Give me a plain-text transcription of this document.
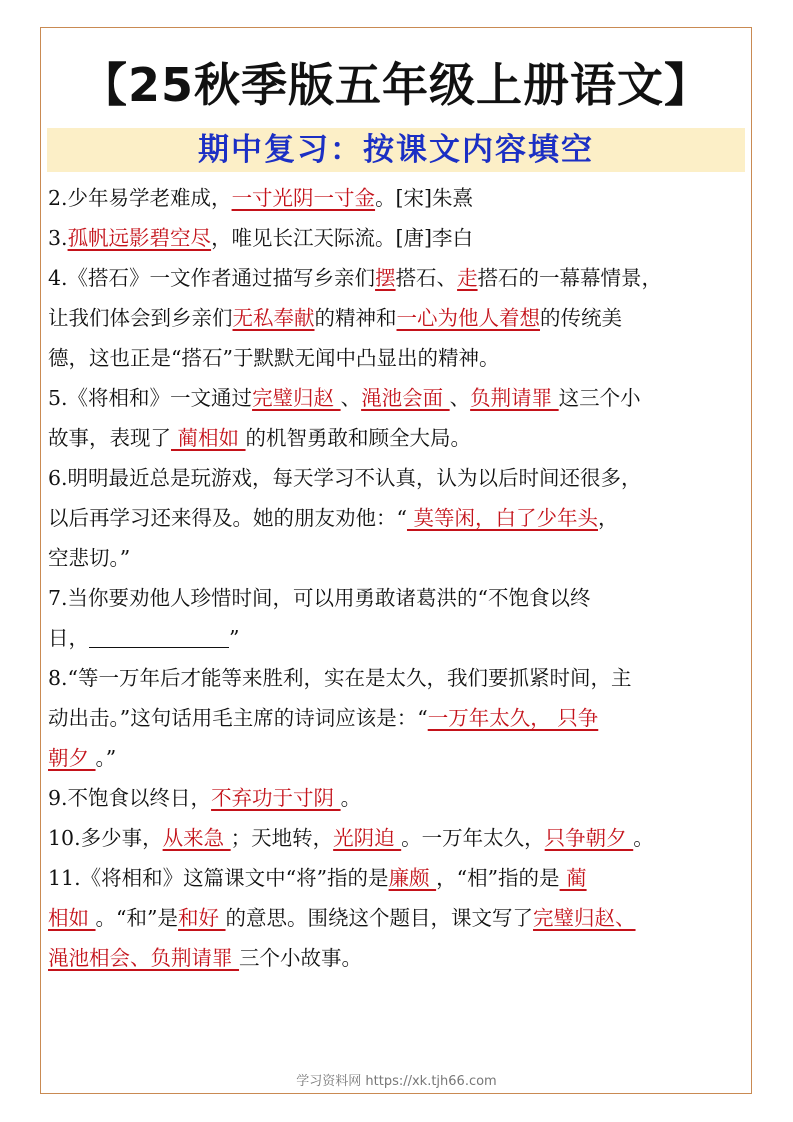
【25秋季版五年级上册语文】
期中复习：按课文内容填空
2.少年易学老难成，一寸光阴一寸金。[宋]朱熹
3.孤帆远影碧空尽，唯见长江天际流。[唐]李白
4.《搭石》一文作者通过描写乡亲们摆搭石、走搭石的一幕幕情景，
让我们体会到乡亲们无私奉献的精神和一心为他人着想的传统美
德，这也正是“搭石”于默默无闻中凸显出的精神。
5.《将相和》一文通过完璧归赵 、渑池会面 、负荆请罪 这三个小
故事，表现了 蔺相如 的机智勇敢和顾全大局。
6.明明最近总是玩游戏，每天学习不认真，认为以后时间还很多，
以后再学习还来得及。她的朋友劝他：“ 莫等闲，白了少年头，
空悲切。”
7.当你要劝他人珍惜时间，可以用勇敢诸葛洪的“不饱食以终
日，	”
8.“等一万年后才能等来胜利，实在是太久，我们要抓紧时间，主
动出击。”这句话用毛主席的诗词应该是：“一万年太久， 只争
朝夕 。”
9.不饱食以终日，不弃功于寸阴 。
10.多少事，从来急 ；天地转，光阴迫 。一万年太久，只争朝夕 。
11.《将相和》这篇课文中“将”指的是廉颇 ，“相”指的是 蔺
相如 。“和”是和好 的意思。围绕这个题目，课文写了完璧归赵、
渑池相会、负荆请罪 三个小故事。
学习资料网 https://xk.tjh66.com
